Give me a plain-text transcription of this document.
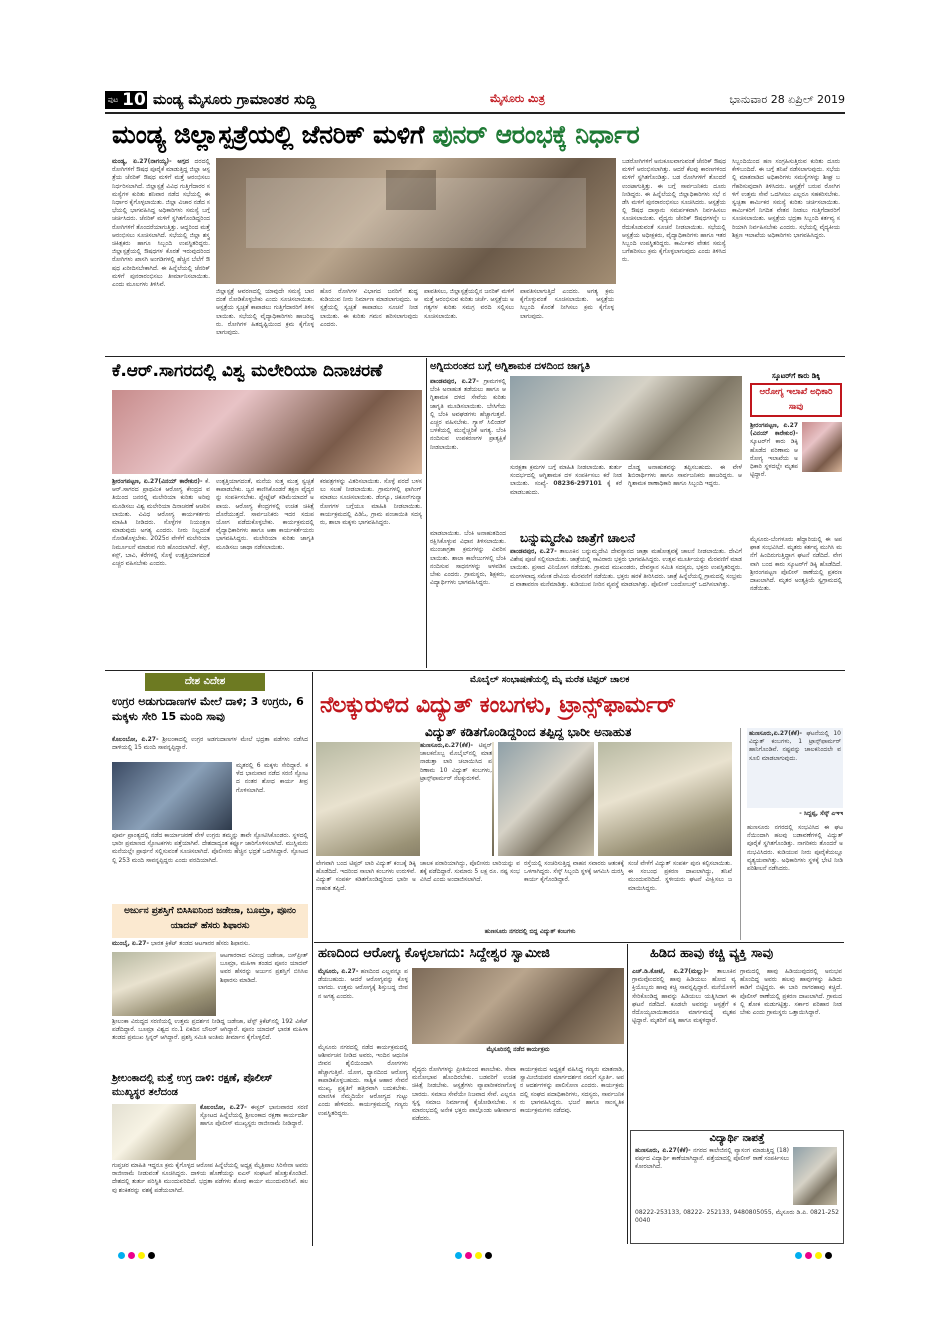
ಪುಟ 10 ಮಂಡ್ಯ ಮೈಸೂರು ಗ್ರಾಮಾಂತರ ಸುದ್ದಿ	ಮೈಸೂರು ಮಿತ್ರ	ಭಾನುವಾರ 28 ಏಪ್ರಿಲ್ 2019
ಮಂಡ್ಯ ಜಿಲ್ಲಾಸ್ಪತ್ರೆಯಲ್ಲಿ ಜೆನರಿಕ್ ಮಳಿಗೆ ಪುನರ್ ಆರಂಭಕ್ಕೆ ನಿರ್ಧಾರ
ಮಂಡ್ಯ, ಏ.27(ನಾಗಯ್ಯ)- ಅಗ್ಗದ ದರದಲ್ಲಿ ರೋಗಿಗಳಿಗೆ ಔಷಧ ಪೂರೈಕೆ ಮಾಡುತ್ತಿದ್ದ ಜಿಲ್ಲಾ ಆಸ್ಪತ್ರೆಯ ಜೆನರಿಕ್ ಔಷಧ ಮಳಿಗೆ ಮತ್ತೆ ಆರಂಭಿಸಲು ನಿರ್ಧರಿಸಲಾಗಿದೆ. ಜಿಲ್ಲಾಸ್ಪತ್ರೆ ವಿವಿಧ ಗುತ್ತಿಗೆದಾರರ ಸಮಸ್ಯೆಗಳ ಕುರಿತು ಶನಿವಾರ ನಡೆದ ಸಭೆಯಲ್ಲಿ ಈ ನಿರ್ಧಾರ ಕೈಗೊಳ್ಳಲಾಯಿತು. ಜಿಲ್ಲಾ ವಿಚಾರ ನಡೆದ ಸಭೆಯಲ್ಲಿ ಭಾಗವಹಿಸಿದ್ದ ಅಧಿಕಾರಿಗಳು ಸಮಸ್ಯೆ ಬಗ್ಗೆ ಚರ್ಚಿಸಿದರು. ಜೆನರಿಕ್ ಮಳಿಗೆ ಸ್ಥಗಿತಗೊಂಡಿದ್ದರಿಂದ ರೋಗಿಗಳಿಗೆ ತೊಂದರೆಯಾಗುತ್ತಿತ್ತು. ಆದ್ದರಿಂದ ಮತ್ತೆ ಆರಂಭಿಸಲು ಸೂಚಿಸಲಾಗಿದೆ. ಸಭೆಯಲ್ಲಿ ಜಿಲ್ಲಾ ಶಸ್ತ್ರಚಿಕಿತ್ಸಕರು ಹಾಗೂ ಸಿಬ್ಬಂದಿ ಉಪಸ್ಥಿತರಿದ್ದರು. ಜಿಲ್ಲಾಸ್ಪತ್ರೆಯಲ್ಲಿ ಔಷಧಗಳ ಕೊರತೆ ಇರುವುದರಿಂದ ರೋಗಿಗಳು ಖಾಸಗಿ ಅಂಗಡಿಗಳಲ್ಲಿ ಹೆಚ್ಚಿನ ಬೆಲೆಗೆ ಔಷಧ ಖರೀದಿಸಬೇಕಾಗಿದೆ. ಈ ಹಿನ್ನೆಲೆಯಲ್ಲಿ ಜೆನರಿಕ್ ಮಳಿಗೆ ಪುನರಾರಂಭಿಸಲು ತೀರ್ಮಾನಿಸಲಾಯಿತು. ಎಂದು ಮೂಲಗಳು ತಿಳಿಸಿವೆ.
ಜಿಲ್ಲಾಸ್ಪತ್ರೆ ಆವರಣದಲ್ಲಿ ಯಾವುದೇ ಸಮಸ್ಯೆ ಬಾರದಂತೆ ನೋಡಿಕೊಳ್ಳಬೇಕು ಎಂದು ಸೂಚಿಸಲಾಯಿತು. ಆಸ್ಪತ್ರೆಯ ಸ್ವಚ್ಛತೆ ಕಾಪಾಡಲು ಗುತ್ತಿಗೆದಾರರಿಗೆ ತಿಳಿಸಲಾಯಿತು. ಸಭೆಯಲ್ಲಿ ವೈದ್ಯಾಧಿಕಾರಿಗಳು ಹಾಜರಿದ್ದರು. ರೋಗಿಗಳ ಹಿತದೃಷ್ಟಿಯಿಂದ ಕ್ರಮ ಕೈಗೊಳ್ಳಲಾಗುವುದು.
ಹೊರ ರೋಗಿಗಳ ವಿಭಾಗದ ಜನರಿಗೆ ಶುದ್ಧ ಕುಡಿಯುವ ನೀರು ನಿರ್ಮಾಣ ಮಾಡಲಾಗುವುದು. ಆಸ್ಪತ್ರೆಯಲ್ಲಿ ಸ್ವಚ್ಛತೆ ಕಾಪಾಡಲು ಸೂಚನೆ ನೀಡಲಾಯಿತು. ಈ ಕುರಿತು ಗಮನ ಹರಿಸಲಾಗುವುದು ಎಂದರು.
ಪಾವತಿಸಲು, ಜಿಲ್ಲಾಸ್ಪತ್ರೆಯಲ್ಲಿನ ಜನರಿಕ್ ಮಳಿಗೆ ಮತ್ತೆ ಆರಂಭಿಸುವ ಕುರಿತು ಚರ್ಚೆ. ಆಸ್ಪತ್ರೆಯ ಅಗತ್ಯಗಳ ಕುರಿತು ಸಮಗ್ರ ವರದಿ ಸಲ್ಲಿಸಲು ಸೂಚಿಸಲಾಯಿತು.
ಪಾವತಿಸಲಾಗುತ್ತಿದೆ ಎಂದರು. ಅಗತ್ಯ ಕ್ರಮಕೈಗೊಳ್ಳುವಂತೆ ಸೂಚಿಸಲಾಯಿತು. ಆಸ್ಪತ್ರೆಯ ಸಿಬ್ಬಂದಿ ಕೊರತೆ ನೀಗಿಸಲು ಕ್ರಮ ಕೈಗೊಳ್ಳಲಾಗುವುದು.
ಬಡರೋಗಿಗಳಿಗೆ ಅನುಕೂಲವಾಗುವಂತೆ ಜೆನರಿಕ್ ಔಷಧ ಮಳಿಗೆ ಆರಂಭಿಸಲಾಗಿತ್ತು. ಆದರೆ ಕೆಲವು ಕಾರಣಗಳಿಂದ ಮಳಿಗೆ ಸ್ಥಗಿತಗೊಂಡಿತ್ತು. ಬಡ ರೋಗಿಗಳಿಗೆ ತೊಂದರೆ ಉಂಟಾಗುತ್ತಿತ್ತು. ಈ ಬಗ್ಗೆ ಸಾರ್ವಜನಿಕರು ದೂರು ನೀಡಿದ್ದರು. ಈ ಹಿನ್ನೆಲೆಯಲ್ಲಿ ಜಿಲ್ಲಾಧಿಕಾರಿಗಳು ಸಭೆ ನಡೆಸಿ ಮಳಿಗೆ ಪುನರಾರಂಭಿಸಲು ಸೂಚಿಸಿದರು. ಆಸ್ಪತ್ರೆಯಲ್ಲಿ ಔಷಧ ದಾಸ್ತಾನು ಸಮರ್ಪಕವಾಗಿ ನಿರ್ವಹಿಸಲು ಸೂಚಿಸಲಾಯಿತು. ವೈದ್ಯರು ಜೆನರಿಕ್ ಔಷಧಗಳನ್ನೇ ಬರೆದುಕೊಡುವಂತೆ ಸೂಚನೆ ನೀಡಲಾಯಿತು. ಸಭೆಯಲ್ಲಿ ಆಸ್ಪತ್ರೆಯ ಅಧೀಕ್ಷಕರು, ವೈದ್ಯಾಧಿಕಾರಿಗಳು ಹಾಗೂ ಇತರ ಸಿಬ್ಬಂದಿ ಉಪಸ್ಥಿತರಿದ್ದರು. ಕಾರ್ಮಿಕರ ವೇತನ ಸಮಸ್ಯೆ ಬಗೆಹರಿಸಲು ಕ್ರಮ ಕೈಗೊಳ್ಳಲಾಗುವುದು ಎಂದು ತಿಳಿಸಿದರು.
ಸಿಬ್ಬಂದಿಯಿಂದ ಹಣ ಸಂಗ್ರಹಿಸುತ್ತಿರುವ ಕುರಿತು ದೂರು ಕೇಳಿಬಂದಿದೆ. ಈ ಬಗ್ಗೆ ತನಿಖೆ ನಡೆಸಲಾಗುವುದು. ಸಭೆಯಲ್ಲಿ ಮಾತನಾಡಿದ ಅಧಿಕಾರಿಗಳು ಸಮಸ್ಯೆಗಳನ್ನು ಶೀಘ್ರ ಬಗೆಹರಿಸುವುದಾಗಿ ತಿಳಿಸಿದರು. ಆಸ್ಪತ್ರೆಗೆ ಬರುವ ರೋಗಿಗಳಿಗೆ ಉತ್ತಮ ಸೇವೆ ಒದಗಿಸಲು ಎಲ್ಲರೂ ಸಹಕರಿಸಬೇಕು. ಸ್ವಚ್ಛತಾ ಕಾರ್ಮಿಕರ ಸಮಸ್ಯೆ ಕುರಿತು ಚರ್ಚಿಸಲಾಯಿತು. ಕಾರ್ಮಿಕರಿಗೆ ನಿಗದಿತ ವೇತನ ನೀಡಲು ಗುತ್ತಿಗೆದಾರರಿಗೆ ಸೂಚಿಸಲಾಯಿತು. ಆಸ್ಪತ್ರೆಯ ಭದ್ರತಾ ಸಿಬ್ಬಂದಿ ಕರ್ತವ್ಯ ಸರಿಯಾಗಿ ನಿರ್ವಹಿಸಬೇಕು ಎಂದರು. ಸಭೆಯಲ್ಲಿ ವೈದ್ಯಕೀಯ ಶಿಕ್ಷಣ ಇಲಾಖೆಯ ಅಧಿಕಾರಿಗಳು ಭಾಗವಹಿಸಿದ್ದರು.
ಕೆ.ಆರ್.ಸಾಗರದಲ್ಲಿ ವಿಶ್ವ ಮಲೇರಿಯಾ ದಿನಾಚರಣೆ
ಶ್ರೀರಂಗಪಟ್ಟಣ, ಏ.27(ವಿನಯ್ ಕಾರೇಕುರ)- ಕೆ.ಆರ್.ಸಾಗರದ ಪ್ರಾಥಮಿಕ ಆರೋಗ್ಯ ಕೇಂದ್ರದ ವತಿಯಿಂದ ಜನರಲ್ಲಿ ಮಲೇರಿಯಾ ಕುರಿತು ಅರಿವು ಮೂಡಿಸಲು ವಿಶ್ವ ಮಲೇರಿಯಾ ದಿನಾಚರಣೆ ಆಚರಿಸಲಾಯಿತು. ವಿವಿಧ ಆರೋಗ್ಯ ಕಾರ್ಯಕರ್ತರು ಮಾಹಿತಿ ನೀಡಿದರು. ಸೊಳ್ಳೆಗಳ ನಿಯಂತ್ರಣ ಮಾಡುವುದು ಅಗತ್ಯ ಎಂದರು. ನೀರು ನಿಲ್ಲದಂತೆ ನೋಡಿಕೊಳ್ಳಬೇಕು. 2025ರ ವೇಳೆಗೆ ಮಲೇರಿಯಾ ನಿರ್ಮೂಲನೆ ಮಾಡುವ ಗುರಿ ಹೊಂದಲಾಗಿದೆ. ಕೆಸ್ಸ್, ಕಸ್ಸ್, ಬಾವಿ, ಕೆರೆಗಳಲ್ಲಿ ಸೊಳ್ಳೆ ಉತ್ಪತ್ತಿಯಾಗದಂತೆ ಎಚ್ಚರ ವಹಿಸಬೇಕು ಎಂದರು.
ಉತ್ಪತ್ತಿಯಾಗದಂತೆ, ಮನೆಯ ಸುತ್ತ ಮುತ್ತ ಸ್ವಚ್ಛತೆ ಕಾಪಾಡಬೇಕು. ಜ್ವರ ಕಾಣಿಸಿಕೊಂಡರೆ ತಕ್ಷಣ ವೈದ್ಯರನ್ನು ಸಂಪರ್ಕಿಸಬೇಕು. ಪ್ಲೇಟ್ಲೆಟ್ ಕಡಿಮೆಯಾದರೆ ಅಪಾಯ. ಆರೋಗ್ಯ ಕೇಂದ್ರಗಳಲ್ಲಿ ಉಚಿತ ಚಿಕಿತ್ಸೆ ದೊರೆಯುತ್ತದೆ. ಸಾರ್ವಜನಿಕರು ಇದರ ಸದುಪಯೋಗ ಪಡೆದುಕೊಳ್ಳಬೇಕು. ಕಾರ್ಯಕ್ರಮದಲ್ಲಿ ವೈದ್ಯಾಧಿಕಾರಿಗಳು ಹಾಗೂ ಆಶಾ ಕಾರ್ಯಕರ್ತೆಯರು ಭಾಗವಹಿಸಿದ್ದರು. ಮಲೇರಿಯಾ ಕುರಿತು ಜಾಗೃತಿ ಮೂಡಿಸಲು ಜಾಥಾ ನಡೆಸಲಾಯಿತು.
ಕರಪತ್ರಗಳನ್ನು ವಿತರಿಸಲಾಯಿತು. ಸೊಳ್ಳೆ ಪರದೆ ಬಳಸಲು ಸಲಹೆ ನೀಡಲಾಯಿತು. ಗ್ರಾಮಗಳಲ್ಲಿ ಫಾಗಿಂಗ್ ಮಾಡಲು ಸೂಚಿಸಲಾಯಿತು. ಡೆಂಗ್ಯೂ, ಚಿಕೂನ್‌ಗುನ್ಯಾ ರೋಗಗಳ ಬಗ್ಗೆಯೂ ಮಾಹಿತಿ ನೀಡಲಾಯಿತು. ಕಾರ್ಯಕ್ರಮದಲ್ಲಿ ಪಿಡಿಓ, ಗ್ರಾಮ ಪಂಚಾಯಿತಿ ಸದಸ್ಯರು, ಶಾಲಾ ಮಕ್ಕಳು ಭಾಗವಹಿಸಿದ್ದರು.
ಅಗ್ನಿದುರಂತದ ಬಗ್ಗೆ ಅಗ್ನಿಶಾಮಕ ದಳದಿಂದ ಜಾಗೃತಿ
ಪಾಂಡವಪುರ, ಏ.27- ಗ್ರಾಮಗಳಲ್ಲಿ ಬೆಂಕಿ ಅನಾಹುತ ತಡೆಯಲು ಹಾಗೂ ಆಗ್ನಿಶಾಮಕ ದಳದ ಸೇವೆಯ ಕುರಿತು ಜಾಗೃತಿ ಮೂಡಿಸಲಾಯಿತು. ಬೇಸಿಗೆಯಲ್ಲಿ ಬೆಂಕಿ ಅವಘಡಗಳು ಹೆಚ್ಚಾಗುತ್ತವೆ. ಎಚ್ಚರ ವಹಿಸಬೇಕು. ಗ್ಯಾಸ್ ಸಿಲಿಂಡರ್ ಬಳಕೆಯಲ್ಲಿ ಮುನ್ನೆಚ್ಚರಿಕೆ ಅಗತ್ಯ. ಬೆಂಕಿ ನಂದಿಸುವ ಉಪಕರಣಗಳ ಪ್ರಾತ್ಯಕ್ಷಿಕೆ ನೀಡಲಾಯಿತು.
ಸುರಕ್ಷತಾ ಕ್ರಮಗಳ ಬಗ್ಗೆ ಮಾಹಿತಿ ನೀಡಲಾಯಿತು. ತುರ್ತು ಸಂದರ್ಭದಲ್ಲಿ ಆಗ್ನಿಶಾಮಕ ದಳ ಸಂಪರ್ಕಿಸಲು ಕರೆ ನೀಡಲಾಯಿತು. ಸಂಖ್ಯೆ- 08236-297101 ಕ್ಕೆ ಕರೆ ಮಾಡಬಹುದು.
ದೊಡ್ಡ ಅನಾಹುತವನ್ನು ತಪ್ಪಿಸಬಹುದು. ಈ ವೇಳೆ ಶಿಬಿರಾರ್ಥಿಗಳು ಹಾಗೂ ಸಾರ್ವಜನಿಕರು ಹಾಜರಿದ್ದರು. ಆಗ್ನಿಶಾಮಕ ಠಾಣಾಧಿಕಾರಿ ಹಾಗೂ ಸಿಬ್ಬಂದಿ ಇದ್ದರು.
ಬನ್ನುಮ್ಮದೇವಿ ಜಾತ್ರೆಗೆ ಚಾಲನೆ
ಪಾಂಡವಪುರ, ಏ.27- ತಾಲೂಕಿನ ಬನ್ನುಮ್ಮದೇವಿ ದೇವಸ್ಥಾನದ ಜಾತ್ರಾ ಮಹೋತ್ಸವಕ್ಕೆ ಚಾಲನೆ ನೀಡಲಾಯಿತು. ದೇವಿಗೆ ವಿಶೇಷ ಪೂಜೆ ಸಲ್ಲಿಸಲಾಯಿತು. ಜಾತ್ರೆಯಲ್ಲಿ ಸಾವಿರಾರು ಭಕ್ತರು ಭಾಗವಹಿಸಿದ್ದರು. ಉತ್ಸವ ಮೂರ್ತಿಯನ್ನು ಮೆರವಣಿಗೆ ಮಾಡಲಾಯಿತು. ಪ್ರಸಾದ ವಿನಿಯೋಗ ನಡೆಯಿತು. ಗ್ರಾಮದ ಮುಖಂಡರು, ದೇವಸ್ಥಾನ ಸಮಿತಿ ಸದಸ್ಯರು, ಭಕ್ತರು ಉಪಸ್ಥಿತರಿದ್ದರು. ಮಂಗಳವಾದ್ಯ ಸಮೇತ ದೇವಿಯ ಮೆರವಣಿಗೆ ನಡೆಯಿತು. ಭಕ್ತರು ಹರಕೆ ತೀರಿಸಿದರು. ಜಾತ್ರೆ ಹಿನ್ನೆಲೆಯಲ್ಲಿ ಗ್ರಾಮದಲ್ಲಿ ಸಂಭ್ರಮದ ವಾತಾವರಣ ಮನೆಮಾಡಿತ್ತು. ಕುಡಿಯುವ ನೀರಿನ ವ್ಯವಸ್ಥೆ ಮಾಡಲಾಗಿತ್ತು. ಪೊಲೀಸ್ ಬಂದೋಬಸ್ತ್ ಒದಗಿಸಲಾಗಿತ್ತು.
ಮಾಡಲಾಯಿತು. ಬೆಂಕಿ ಅನಾಹುತದಿಂದ ರಕ್ಷಿಸಿಕೊಳ್ಳುವ ವಿಧಾನ ತಿಳಿಸಲಾಯಿತು. ಮುಂಜಾಗ್ರತಾ ಕ್ರಮಗಳನ್ನು ವಿವರಿಸಲಾಯಿತು. ಶಾಲಾ ಕಾಲೇಜುಗಳಲ್ಲಿ ಬೆಂಕಿ ನಂದಿಸುವ ಸಾಧನಗಳನ್ನು ಅಳವಡಿಸಬೇಕು ಎಂದರು. ಗ್ರಾಮಸ್ಥರು, ಶಿಕ್ಷಕರು, ವಿದ್ಯಾರ್ಥಿಗಳು ಭಾಗವಹಿಸಿದ್ದರು.
ಸ್ಕೂಟರ್‌ಗೆ ಕಾರು ಡಿಕ್ಕಿ
ಆರೋಗ್ಯ ಇಲಾಖೆ ಅಧಿಕಾರಿ ಸಾವು
ಶ್ರೀರಂಗಪಟ್ಟಣ, ಏ.27(ವಿನಯ್ ಕಾರೇಕುರ)- ಸ್ಕೂಟರ್‌ಗೆ ಕಾರು ಡಿಕ್ಕಿ ಹೊಡೆದ ಪರಿಣಾಮ ಆರೋಗ್ಯ ಇಲಾಖೆಯ ಅಧಿಕಾರಿ ಸ್ಥಳದಲ್ಲೇ ಮೃತಪಟ್ಟಿದ್ದಾರೆ.
ಮೈಸೂರು-ಬೆಂಗಳೂರು ಹೆದ್ದಾರಿಯಲ್ಲಿ ಈ ಅಪಘಾತ ಸಂಭವಿಸಿದೆ. ಮೃತರು ಕರ್ತವ್ಯ ಮುಗಿಸಿ ಮನೆಗೆ ಹಿಂದಿರುಗುತ್ತಿದ್ದಾಗ ಘಟನೆ ನಡೆದಿದೆ. ವೇಗವಾಗಿ ಬಂದ ಕಾರು ಸ್ಕೂಟರ್‌ಗೆ ಡಿಕ್ಕಿ ಹೊಡೆದಿದೆ. ಶ್ರೀರಂಗಪಟ್ಟಣ ಪೊಲೀಸ್ ಠಾಣೆಯಲ್ಲಿ ಪ್ರಕರಣ ದಾಖಲಾಗಿದೆ. ಮೃತರ ಅಂತ್ಯಕ್ರಿಯೆ ಸ್ವಗ್ರಾಮದಲ್ಲಿ ನಡೆಯಿತು.
ದೇಶ ವಿದೇಶ
ಉಗ್ರರ ಅಡುಗುದಾಣಗಳ ಮೇಲೆ ದಾಳಿ; 3 ಉಗ್ರರು, 6 ಮಕ್ಕಳು ಸೇರಿ 15 ಮಂದಿ ಸಾವು
ಕೊಲಂಬೋ, ಏ.27- ಶ್ರೀಲಂಕಾದಲ್ಲಿ ಉಗ್ರರ ಅಡಗುದಾಣಗಳ ಮೇಲೆ ಭದ್ರತಾ ಪಡೆಗಳು ನಡೆಸಿದ ದಾಳಿಯಲ್ಲಿ 15 ಮಂದಿ ಸಾವನ್ನಪ್ಪಿದ್ದಾರೆ.
ಮೃತರಲ್ಲಿ 6 ಮಕ್ಕಳು ಸೇರಿದ್ದಾರೆ. ಕಳೆದ ಭಾನುವಾರ ನಡೆದ ಸರಣಿ ಸ್ಫೋಟದ ನಂತರ ಶೋಧ ಕಾರ್ಯ ತೀವ್ರಗೊಳಿಸಲಾಗಿದೆ.
ಪೂರ್ವ ಪ್ರಾಂತ್ಯದಲ್ಲಿ ನಡೆದ ಕಾರ್ಯಾಚರಣೆ ವೇಳೆ ಉಗ್ರರು ತಮ್ಮನ್ನು ತಾವೇ ಸ್ಫೋಟಿಸಿಕೊಂಡರು. ಸ್ಥಳದಲ್ಲಿ ಭಾರೀ ಪ್ರಮಾಣದ ಸ್ಫೋಟಕಗಳು ಪತ್ತೆಯಾಗಿವೆ. ದೇಶದಾದ್ಯಂತ ಕರ್ಫ್ಯೂ ಜಾರಿಗೊಳಿಸಲಾಗಿದೆ. ಮುಸ್ಲಿಮರು ಮನೆಯಲ್ಲೇ ಪ್ರಾರ್ಥನೆ ಸಲ್ಲಿಸುವಂತೆ ಸೂಚಿಸಲಾಗಿದೆ. ಪೊಲೀಸರು ಹೆಚ್ಚಿನ ಭದ್ರತೆ ಒದಗಿಸಿದ್ದಾರೆ. ಸ್ಫೋಟದಲ್ಲಿ 253 ಮಂದಿ ಸಾವನ್ನಪ್ಪಿದ್ದರು ಎಂದು ವರದಿಯಾಗಿದೆ.
ಅರ್ಜುನ ಪ್ರಶಸ್ತಿಗೆ ಬಿಸಿಸಿಐನಿಂದ ಜಡೇಜಾ, ಬೂಮ್ರಾ, ಪೂನಂ ಯಾದವ್ ಹೆಸರು ಶಿಫಾರಸು
ಮುಂಬೈ, ಏ.27- ಭಾರತ ಕ್ರಿಕೆಟ್ ತಂಡದ ಆಟಗಾರರ ಹೆಸರು ಶಿಫಾರಸು.
ಆಟಗಾರರಾದ ರವೀಂದ್ರ ಜಡೇಜಾ, ಜಸ್‌ಪ್ರೀತ್ ಬೂಮ್ರಾ, ಮಹಿಳಾ ತಂಡದ ಪೂನಂ ಯಾದವ್ ಅವರ ಹೆಸರನ್ನು ಅರ್ಜುನ ಪ್ರಶಸ್ತಿಗೆ ಬಿಸಿಸಿಐ ಶಿಫಾರಸು ಮಾಡಿದೆ.
ಶ್ರೀಲಂಕಾ ವಿರುದ್ಧದ ಸರಣಿಯಲ್ಲಿ ಉತ್ತಮ ಪ್ರದರ್ಶನ ನೀಡಿದ್ದ ಜಡೇಜಾ, ಟೆಸ್ಟ್ ಕ್ರಿಕೆಟ್‌ನಲ್ಲಿ 192 ವಿಕೆಟ್ ಪಡೆದಿದ್ದಾರೆ. ಬೂಮ್ರಾ ವಿಶ್ವದ ನಂ.1 ಏಕದಿನ ಬೌಲರ್ ಆಗಿದ್ದಾರೆ. ಪೂನಂ ಯಾದವ್ ಭಾರತ ಮಹಿಳಾ ತಂಡದ ಪ್ರಮುಖ ಸ್ಪಿನ್ನರ್ ಆಗಿದ್ದಾರೆ. ಪ್ರಶಸ್ತಿ ಸಮಿತಿ ಅಂತಿಮ ತೀರ್ಮಾನ ಕೈಗೊಳ್ಳಲಿದೆ.
ಶ್ರೀಲಂಕಾದಲ್ಲಿ ಮತ್ತೆ ಉಗ್ರ ದಾಳಿ: ರಕ್ಷಣೆ, ಪೊಲೀಸ್ ಮುಖ್ಯಸ್ಥರ ತಲೆದಂಡ
ಕೊಲಂಬೋ, ಏ.27- ಈಸ್ಟರ್ ಭಾನುವಾರದ ಸರಣಿ ಸ್ಫೋಟದ ಹಿನ್ನೆಲೆಯಲ್ಲಿ ಶ್ರೀಲಂಕಾದ ರಕ್ಷಣಾ ಕಾರ್ಯದರ್ಶಿ ಹಾಗೂ ಪೊಲೀಸ್ ಮುಖ್ಯಸ್ಥರು ರಾಜೀನಾಮೆ ನೀಡಿದ್ದಾರೆ.
ಗುಪ್ತಚರ ಮಾಹಿತಿ ಇದ್ದರೂ ಕ್ರಮ ಕೈಗೊಳ್ಳದ ಆರೋಪ ಹಿನ್ನೆಲೆಯಲ್ಲಿ ಅಧ್ಯಕ್ಷ ಮೈತ್ರಿಪಾಲ ಸಿರಿಸೇನಾ ಅವರು ರಾಜೀನಾಮೆ ನೀಡುವಂತೆ ಸೂಚಿಸಿದ್ದರು. ದಾಳಿಯ ಹೊಣೆಯನ್ನು ಐಎಸ್ ಸಂಘಟನೆ ಹೊತ್ತುಕೊಂಡಿದೆ. ದೇಶದಲ್ಲಿ ತುರ್ತು ಪರಿಸ್ಥಿತಿ ಮುಂದುವರಿದಿದೆ. ಭದ್ರತಾ ಪಡೆಗಳು ಶೋಧ ಕಾರ್ಯ ಮುಂದುವರಿಸಿವೆ. ಹಲವು ಶಂಕಿತರನ್ನು ವಶಕ್ಕೆ ಪಡೆಯಲಾಗಿದೆ.
ಮೊಬೈಲ್ ಸಂಭಾಷಣೆಯಲ್ಲಿ ಮೈ ಮರೆತ ಟಿಪ್ಪರ್ ಚಾಲಕ
ನೆಲಕ್ಕುರುಳಿದ ವಿದ್ಯುತ್ ಕಂಬಗಳು, ಟ್ರಾನ್ಸ್‌ಫಾರ್ಮರ್
ವಿದ್ಯುತ್ ಕಡಿತಗೊಂಡಿದ್ದರಿಂದ ತಪ್ಪಿದ್ದ ಭಾರೀ ಅನಾಹುತ
ಹುಣಸೂರು,ಏ.27(ಕೆಕೆ)- ಟಿಪ್ಪರ್ ಚಾಲಕನೊಬ್ಬ ಮೊಬೈಲ್‌ನಲ್ಲಿ ಮಾತನಾಡುತ್ತಾ ಲಾರಿ ಚಲಾಯಿಸಿದ ಪರಿಣಾಮ 10 ವಿದ್ಯುತ್ ಕಂಬಗಳು, ಟ್ರಾನ್ಸ್‌ಫಾರ್ಮರ್ ನೆಲಕ್ಕುರುಳಿವೆ.
ವೇಗವಾಗಿ ಬಂದ ಟಿಪ್ಪರ್ ಲಾರಿ ವಿದ್ಯುತ್ ಕಂಬಕ್ಕೆ ಡಿಕ್ಕಿ ಹೊಡೆದಿದೆ. ಇದರಿಂದ ಸಾಲಾಗಿ ಕಂಬಗಳು ಉರುಳಿವೆ. ವಿದ್ಯುತ್ ಸಂಪರ್ಕ ಕಡಿತಗೊಂಡಿದ್ದರಿಂದ ಭಾರೀ ಅನಾಹುತ ತಪ್ಪಿದೆ.
ಚಾಲಕ ಪರಾರಿಯಾಗಿದ್ದು, ಪೊಲೀಸರು ಲಾರಿಯನ್ನು ವಶಕ್ಕೆ ಪಡೆದಿದ್ದಾರೆ. ಸುಮಾರು 5 ಲಕ್ಷ ರೂ. ನಷ್ಟ ಸಂಭವಿಸಿದೆ ಎಂದು ಅಂದಾಜಿಸಲಾಗಿದೆ.
ರಸ್ತೆಯಲ್ಲಿ ಸಂಚರಿಸುತ್ತಿದ್ದ ವಾಹನ ಸವಾರರು ಆತಂಕಕ್ಕೆ ಒಳಗಾಗಿದ್ದರು. ಸೆಸ್ಕ್ ಸಿಬ್ಬಂದಿ ಸ್ಥಳಕ್ಕೆ ಆಗಮಿಸಿ ದುರಸ್ತಿ ಕಾರ್ಯ ಕೈಗೊಂಡಿದ್ದಾರೆ.
ಸಂಜೆ ವೇಳೆಗೆ ವಿದ್ಯುತ್ ಸಂಪರ್ಕ ಪುನಃ ಕಲ್ಪಿಸಲಾಯಿತು. ಈ ಸಂಬಂಧ ಪ್ರಕರಣ ದಾಖಲಾಗಿದ್ದು, ತನಿಖೆ ಮುಂದುವರಿದಿದೆ. ಸ್ಥಳೀಯರು ಘಟನೆ ವೀಕ್ಷಿಸಲು ಜಮಾಯಿಸಿದ್ದರು.
ಹುಣಸೂರು ನಗರದಲ್ಲಿ ಬಿದ್ದ ವಿದ್ಯುತ್ ಕಂಬಗಳು
ಹುಣಸೂರು,ಏ.27(ಕೆಕೆ)- ಘಟನೆಯಲ್ಲಿ 10 ವಿದ್ಯುತ್ ಕಂಬಗಳು, 1 ಟ್ರಾನ್ಸ್‌ಫಾರ್ಮರ್ ಹಾನಿಗೊಂಡಿವೆ. ನಷ್ಟವನ್ನು ಚಾಲಕನಿಂದಲೇ ವಸೂಲಿ ಮಾಡಲಾಗುವುದು.
- ಸಿದ್ದಪ್ಪ, ಸೆಸ್ಕ್ ಎಇಇ
ಹುಣಸೂರು ನಗರದಲ್ಲಿ ಸಂಭವಿಸಿದ ಈ ಘಟನೆಯಿಂದಾಗಿ ಹಲವು ಬಡಾವಣೆಗಳಲ್ಲಿ ವಿದ್ಯುತ್ ಪೂರೈಕೆ ಸ್ಥಗಿತಗೊಂಡಿತ್ತು. ನಾಗರಿಕರು ತೊಂದರೆ ಅನುಭವಿಸಿದರು. ಕುಡಿಯುವ ನೀರು ಪೂರೈಕೆಯಲ್ಲೂ ವ್ಯತ್ಯಯವಾಗಿತ್ತು. ಅಧಿಕಾರಿಗಳು ಸ್ಥಳಕ್ಕೆ ಭೇಟಿ ನೀಡಿ ಪರಿಶೀಲನೆ ನಡೆಸಿದರು.
ಹಣದಿಂದ ಆರೋಗ್ಯ ಕೊಳ್ಳಲಾಗದು: ಸಿದ್ದೇಶ್ವರ ಸ್ವಾಮೀಜಿ
ಮೈಸೂರು, ಏ.27- ಹಣದಿಂದ ಎಲ್ಲವನ್ನೂ ಪಡೆಯಬಹುದು. ಆದರೆ ಆರೋಗ್ಯವನ್ನು ಕೊಳ್ಳಲಾಗದು. ಉತ್ತಮ ಆರೋಗ್ಯಕ್ಕೆ ಶಿಸ್ತುಬದ್ಧ ಜೀವನ ಅಗತ್ಯ ಎಂದರು.
ಮೈಸೂರಿನಲ್ಲಿ ನಡೆದ ಕಾರ್ಯಕ್ರಮ
ಮೈಸೂರು ನಗರದಲ್ಲಿ ನಡೆದ ಕಾರ್ಯಕ್ರಮದಲ್ಲಿ ಆಶೀರ್ವಚನ ನೀಡಿದ ಅವರು, ಇಂದಿನ ಆಧುನಿಕ ಜೀವನ ಶೈಲಿಯಿಂದಾಗಿ ರೋಗಗಳು ಹೆಚ್ಚಾಗುತ್ತಿವೆ. ಯೋಗ, ಧ್ಯಾನದಿಂದ ಆರೋಗ್ಯ ಕಾಪಾಡಿಕೊಳ್ಳಬಹುದು. ಸಾತ್ವಿಕ ಆಹಾರ ಸೇವನೆ ಮುಖ್ಯ. ಪ್ರಕೃತಿಗೆ ಹತ್ತಿರವಾಗಿ ಬದುಕಬೇಕು. ಮಾನಸಿಕ ನೆಮ್ಮದಿಯೇ ಆರೋಗ್ಯದ ಗುಟ್ಟು ಎಂದು ಹೇಳಿದರು. ಕಾರ್ಯಕ್ರಮದಲ್ಲಿ ಗಣ್ಯರು ಉಪಸ್ಥಿತರಿದ್ದರು.
ವೈದ್ಯರು ರೋಗಿಗಳನ್ನು ಪ್ರೀತಿಯಿಂದ ಕಾಣಬೇಕು. ಸೇವಾ ಮನೋಭಾವ ಹೊಂದಿರಬೇಕು. ಬಡವರಿಗೆ ಉಚಿತ ಚಿಕಿತ್ಸೆ ನೀಡಬೇಕು. ಆಸ್ಪತ್ರೆಗಳು ವ್ಯಾಪಾರೀಕರಣಗೊಳ್ಳಬಾರದು. ಸಮಾಜ ಸೇವೆಯೇ ನಿಜವಾದ ಸೇವೆ. ಎಲ್ಲರೂ ಸ್ವಸ್ಥ ಸಮಾಜ ನಿರ್ಮಾಣಕ್ಕೆ ಕೈಜೋಡಿಸಬೇಕು. ಸಮಾರಂಭದಲ್ಲಿ ಅನೇಕ ಭಕ್ತರು ಪಾಲ್ಗೊಂಡು ಆಶೀರ್ವಾದ ಪಡೆದರು.
ಕಾರ್ಯಕ್ರಮದ ಅಧ್ಯಕ್ಷತೆ ವಹಿಸಿದ್ದ ಗಣ್ಯರು ಮಾತನಾಡಿ, ಸ್ವಾಮೀಜಿಯವರ ಮಾರ್ಗದರ್ಶನ ನಮಗೆ ಸ್ಫೂರ್ತಿ. ಅವರ ಆದರ್ಶಗಳನ್ನು ಪಾಲಿಸೋಣ ಎಂದರು. ಕಾರ್ಯಕ್ರಮದಲ್ಲಿ ಸಂಘದ ಪದಾಧಿಕಾರಿಗಳು, ಸದಸ್ಯರು, ಸಾರ್ವಜನಿಕರು ಭಾಗವಹಿಸಿದ್ದರು. ಭಜನೆ ಹಾಗೂ ಸಾಂಸ್ಕೃತಿಕ ಕಾರ್ಯಕ್ರಮಗಳು ನಡೆದವು.
ಹಿಡಿದ ಹಾವು ಕಚ್ಚಿ ವ್ಯಕ್ತಿ ಸಾವು
ಎಚ್.ಡಿ.ಕೋಟೆ, ಏ.27(ಮಲ್ಲು)- ತಾಲೂಕಿನ ಗ್ರಾಮವೊಂದರಲ್ಲಿ ಹಾವು ಹಿಡಿಯಲು ಹೋದ ವ್ಯಕ್ತಿಯೊಬ್ಬರು ಹಾವು ಕಚ್ಚಿ ಸಾವನ್ನಪ್ಪಿದ್ದಾರೆ. ಮನೆಯೊಳಗೆ ಸೇರಿಕೊಂಡಿದ್ದ ಹಾವನ್ನು ಹಿಡಿಯಲು ಯತ್ನಿಸಿದಾಗ ಈ ಘಟನೆ ನಡೆದಿದೆ. ಕೂಡಲೇ ಅವರನ್ನು ಆಸ್ಪತ್ರೆಗೆ ಕರೆದೊಯ್ಯಲಾಯಿತಾದರೂ ಮಾರ್ಗಮಧ್ಯೆ ಮೃತಪಟ್ಟಿದ್ದಾರೆ. ಮೃತರಿಗೆ ಪತ್ನಿ ಹಾಗೂ ಮಕ್ಕಳಿದ್ದಾರೆ.
ಗ್ರಾಮದಲ್ಲಿ ಹಾವು ಹಿಡಿಯುವುದರಲ್ಲಿ ಅನುಭವ ಹೊಂದಿದ್ದ ಅವರು ಹಲವು ಹಾವುಗಳನ್ನು ಹಿಡಿದು ಕಾಡಿಗೆ ಬಿಟ್ಟಿದ್ದರು. ಈ ಬಾರಿ ನಾಗರಹಾವು ಕಚ್ಚಿದೆ. ಪೊಲೀಸ್ ಠಾಣೆಯಲ್ಲಿ ಪ್ರಕರಣ ದಾಖಲಾಗಿದೆ. ಗ್ರಾಮದಲ್ಲಿ ಶೋಕ ಮಡುಗಟ್ಟಿತ್ತು. ಸರ್ಕಾರ ಪರಿಹಾರ ನೀಡಬೇಕು ಎಂದು ಗ್ರಾಮಸ್ಥರು ಒತ್ತಾಯಿಸಿದ್ದಾರೆ.
ವಿದ್ಯಾರ್ಥಿ ನಾಪತ್ತೆ
ಹುಣಸೂರು, ಏ.27(ಕೆಕೆ)- ನಗರದ ಕಾಲೇಜಿನಲ್ಲಿ ವ್ಯಾಸಂಗ ಮಾಡುತ್ತಿದ್ದ (18) ವರ್ಷದ ವಿದ್ಯಾರ್ಥಿ ಕಾಣೆಯಾಗಿದ್ದಾನೆ. ಪತ್ತೆಯಾದಲ್ಲಿ ಪೊಲೀಸ್ ಠಾಣೆ ಸಂಪರ್ಕಿಸಲು ಕೋರಲಾಗಿದೆ.
08222-253133, 08222- 252133, 9480805055, ಮೈಸೂರು ಡಿ.ಪಿ. 0821-2520040
